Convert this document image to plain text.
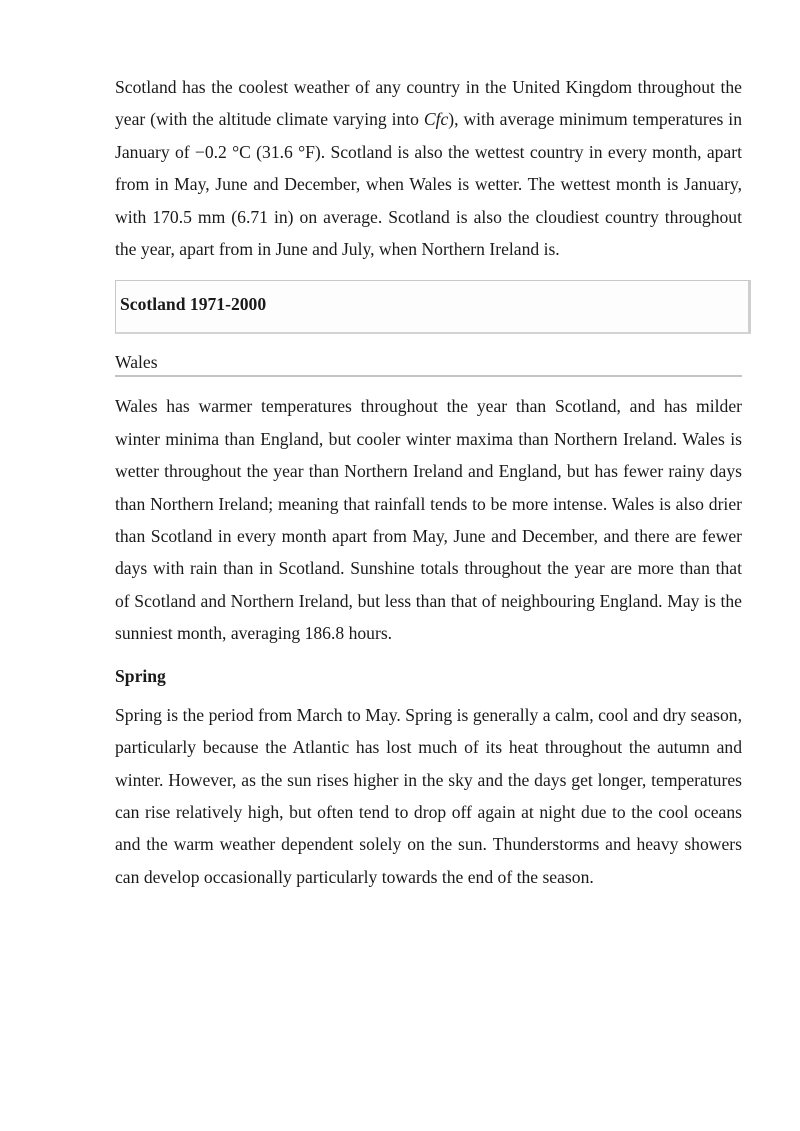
Scotland has the coolest weather of any country in the United Kingdom throughout the year (with the altitude climate varying into Cfc), with average minimum temperatures in January of −0.2 °C (31.6 °F). Scotland is also the wettest country in every month, apart from in May, June and December, when Wales is wetter. The wettest month is January, with 170.5 mm (6.71 in) on average. Scotland is also the cloudiest country throughout the year, apart from in June and July, when Northern Ireland is.

Scotland 1971-2000
Wales

Wales has warmer temperatures throughout the year than Scotland, and has milder winter minima than England, but cooler winter maxima than Northern Ireland. Wales is wetter throughout the year than Northern Ireland and England, but has fewer rainy days than Northern Ireland; meaning that rainfall tends to be more intense. Wales is also drier than Scotland in every month apart from May, June and December, and there are fewer days with rain than in Scotland. Sunshine totals throughout the year are more than that of Scotland and Northern Ireland, but less than that of neighbouring England. May is the sunniest month, averaging 186.8 hours.

Spring

Spring is the period from March to May. Spring is generally a calm, cool and dry season, particularly because the Atlantic has lost much of its heat throughout the autumn and winter. However, as the sun rises higher in the sky and the days get longer, temperatures can rise relatively high, but often tend to drop off again at night due to the cool oceans and the warm weather dependent solely on the sun. Thunderstorms and heavy showers can develop occasionally particularly towards the end of the season.
